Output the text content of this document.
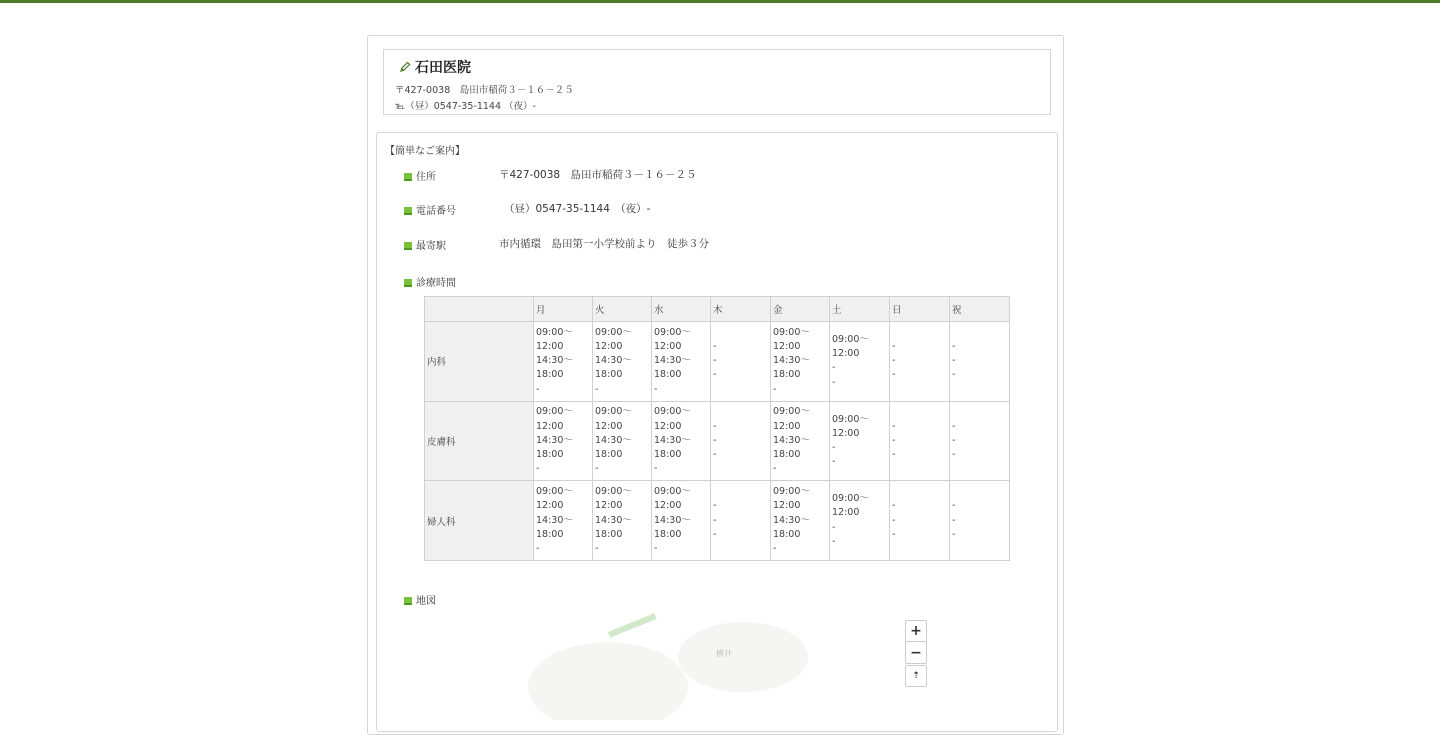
石田医院
〒427-0038　島田市稲荷３－１６－２５
℡（昼）0547-35-1144 （夜）-
【簡単なご案内】
住所	〒427-0038　島田市稲荷３－１６－２５
電話番号	（昼）0547-35-1144　（夜）-
最寄駅	市内循環　島田第一小学校前より　徒歩３分
診療時間
	月	火	水	木	金	土	日	祝
内科	09:00〜
12:00
14:30〜
18:00
-	09:00〜
12:00
14:30〜
18:00
-	09:00〜
12:00
14:30〜
18:00
-	-
-
-	09:00〜
12:00
14:30〜
18:00
-	09:00〜
12:00
-
-	-
-
-	-
-
-
皮膚科	09:00〜
12:00
14:30〜
18:00
-	09:00〜
12:00
14:30〜
18:00
-	09:00〜
12:00
14:30〜
18:00
-	-
-
-	09:00〜
12:00
14:30〜
18:00
-	09:00〜
12:00
-
-	-
-
-	-
-
-
婦人科	09:00〜
12:00
14:30〜
18:00
-	09:00〜
12:00
14:30〜
18:00
-	09:00〜
12:00
14:30〜
18:00
-	-
-
-	09:00〜
12:00
14:30〜
18:00
-	09:00〜
12:00
-
-	-
-
-	-
-
-
地図
横井
+
−
⇡
